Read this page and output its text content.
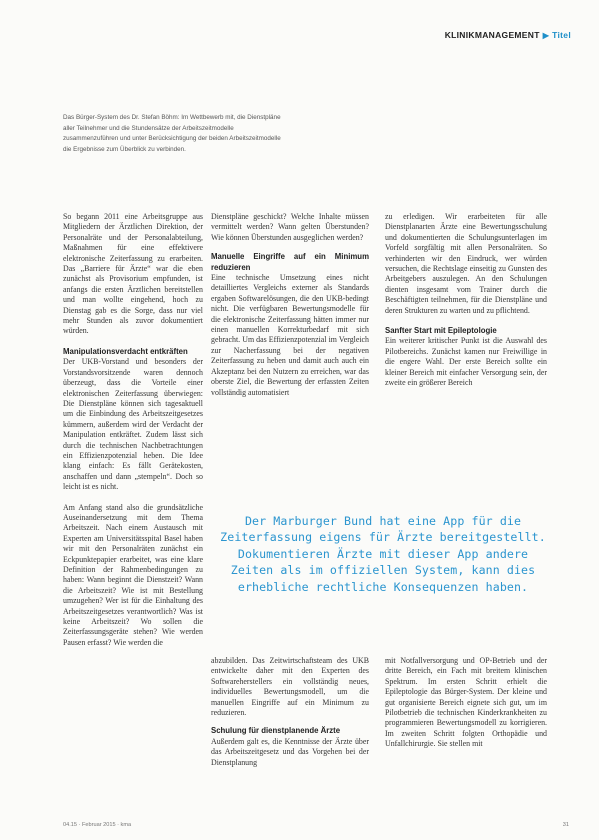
KLINIKMANAGEMENT ▶ Titel
Das Bürger-System des Dr. Stefan Böhm: Im Wettbewerb mit, die Dienstpläne aller Teilnehmer und die Stundensätze der Arbeitszeitmodelle zusammenzuführen und unter Berücksichtigung der beiden Arbeitszeitmodelle die Ergebnisse zum Überblick zu verbinden.

So begann 2011 eine Arbeitsgruppe aus Mitgliedern der Ärztlichen Direktion, der Personalräte und der Personalabteilung, Maßnahmen für eine effektivere elektronische Zeiterfassung zu erarbeiten. Das „Barriere für Ärzte“ war die eben zunächst als Provisorium empfunden, ist anfangs die ersten Ärztlichen bereitstellen und man wollte eingehend, hoch zu Dienstag gab es die Sorge, dass nur viel mehr Stunden als zuvor dokumentiert würden.

Manipulationsverdacht entkräften

Der UKB-Vorstand und besonders der Vorstandsvorsitzende waren dennoch überzeugt, dass die Vorteile einer elektronischen Zeiterfassung überwiegen: Die Dienstpläne können sich tagesaktuell um die Einbindung des Arbeitszeitgesetzes kümmern, außerdem wird der Verdacht der Manipulation entkräftet. Zudem lässt sich durch die technischen Nachbetrachtungen ein Effizienzpotenzial heben. Die Idee klang einfach: Es fällt Gerätekosten, anschaffen und dann „stempeln“. Doch so leicht ist es nicht.

Am Anfang stand also die grundsätzliche Auseinandersetzung mit dem Thema Arbeitszeit. Nach einem Austausch mit Experten am Universitätsspital Basel haben wir mit den Personalräten zunächst ein Eckpunktepapier erarbeitet, was eine klare Definition der Rahmenbedingungen zu haben: Wann beginnt die Dienstzeit? Wann die Arbeitszeit? Wie ist mit Bestellung umzugehen? Wer ist für die Einhaltung des Arbeitszeitgesetzes verantwortlich? Was ist keine Arbeitszeit? Wo sollen die Zeiterfassungsgeräte stehen? Wie werden Pausen erfasst? Wie werden die

Dienstpläne geschickt? Welche Inhalte müssen vermittelt werden? Wann gelten Überstunden? Wie können Überstunden ausgeglichen werden?

Manuelle Eingriffe auf ein Minimum reduzieren

Eine technische Umsetzung eines nicht detailliertes Vergleichs externer als Standards ergaben Softwarelösungen, die den UKB-bedingt nicht. Die verfügbaren Bewertungsmodelle für die elektronische Zeiterfassung hätten immer nur einen manuellen Korrekturbedarf mit sich gebracht. Um das Effizienzpotenzial im Vergleich zur Nacherfassung bei der negativen Zeiterfassung zu heben und damit auch auch ein Akzeptanz bei den Nutzern zu erreichen, war das oberste Ziel, die Bewertung der erfassten Zeiten vollständig automatisiert

zu erledigen. Wir erarbeiteten für alle Dienstplanarten Ärzte eine Bewertungsschulung und dokumentierten die Schulungsunterlagen im Vorfeld sorgfältig mit allen Personalräten. So verhinderten wir den Eindruck, wer würden versuchen, die Rechtslage einseitig zu Gunsten des Arbeitgebers auszulegen. An den Schulungen dienten insgesamt vom Trainer durch die Beschäftigten teilnehmen, für die Dienstpläne und deren Strukturen zu warten und zu pflichtend.

Sanfter Start mit Epileptologie

Ein weiterer kritischer Punkt ist die Auswahl des Pilotbereichs. Zunächst kamen nur Freiwillige in die engere Wahl. Der erste Bereich sollte ein kleiner Bereich mit einfacher Versorgung sein, der zweite ein größerer Bereich

Der Marburger Bund hat eine App für die Zeiterfassung eigens für Ärzte bereitgestellt. Dokumentieren Ärzte mit dieser App andere Zeiten als im offiziellen System, kann dies erhebliche rechtliche Konsequenzen haben.

abzubilden. Das Zeitwirtschaftsteam des UKB entwickelte daher mit den Experten des Softwareherstellers ein vollständig neues, individuelles Bewertungsmodell, um die manuellen Eingriffe auf ein Minimum zu reduzieren.

Schulung für dienstplanende Ärzte

Außerdem galt es, die Kenntnisse der Ärzte über das Arbeitszeitgesetz und das Vorgehen bei der Dienstplanung

mit Notfallversorgung und OP-Betrieb und der dritte Bereich, ein Fach mit breitem klinischen Spektrum. Im ersten Schritt erhielt die Epileptologie das Bürger-System. Der kleine und gut organisierte Bereich eignete sich gut, um im Pilotbetrieb die technischen Kinderkrankheiten zu programmieren Bewertungsmodell zu korrigieren. Im zweiten Schritt folgten Orthopädie und Unfallchirurgie. Sie stellen mit

04.15 · Februar 2015 · kma	31
